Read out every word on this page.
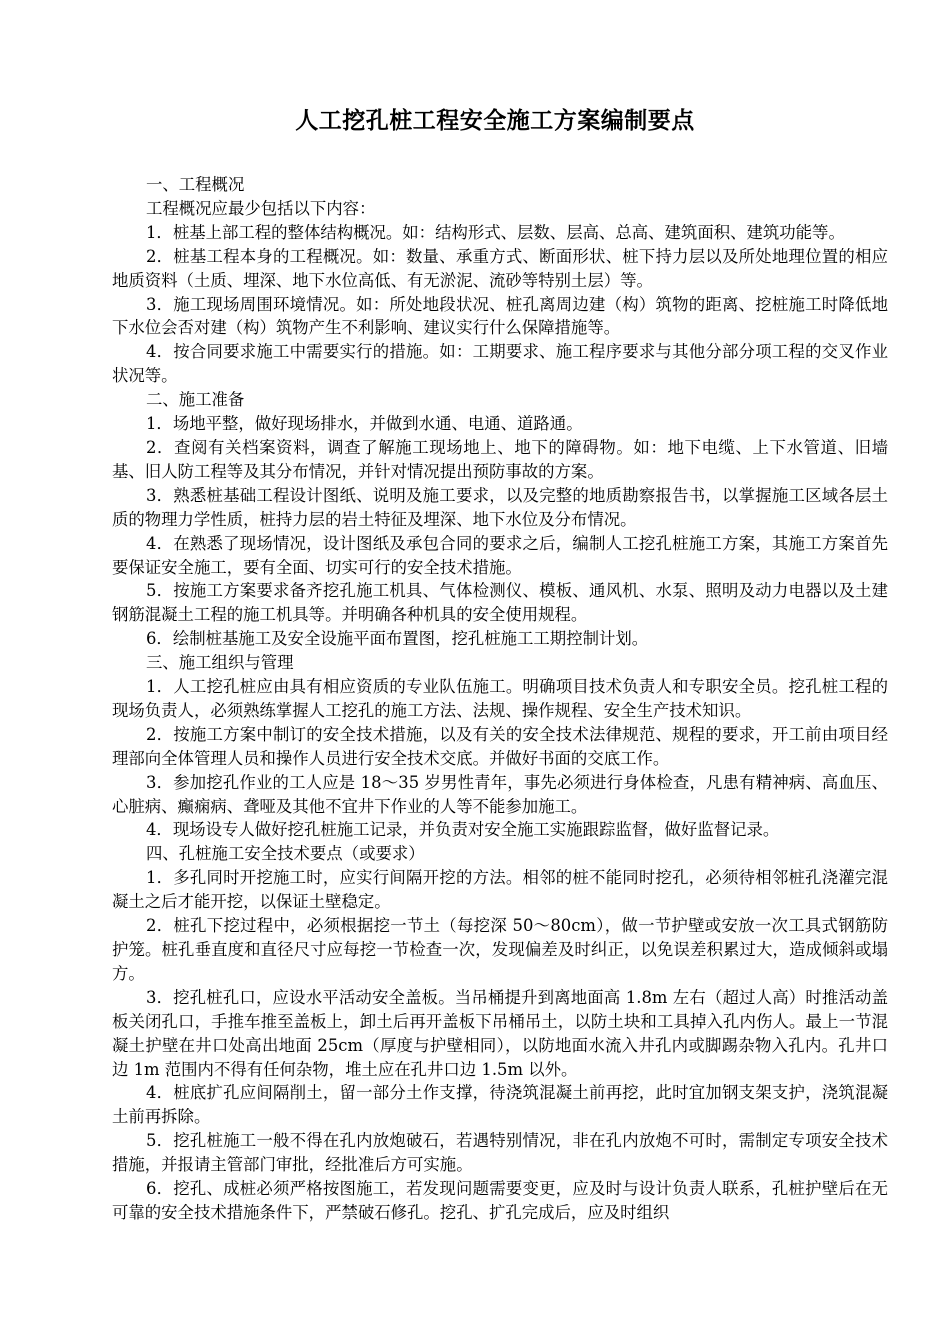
人工挖孔桩工程安全施工方案编制要点

一、工程概况

工程概况应最少包括以下内容：

1．桩基上部工程的整体结构概况。如：结构形式、层数、层高、总高、建筑面积、建筑功能等。

2．桩基工程本身的工程概况。如：数量、承重方式、断面形状、桩下持力层以及所处地理位置的相应地质资料（土质、埋深、地下水位高低、有无淤泥、流砂等特别土层）等。

3．施工现场周围环境情况。如：所处地段状况、桩孔离周边建（构）筑物的距离、挖桩施工时降低地下水位会否对建（构）筑物产生不利影响、建议实行什么保障措施等。

4．按合同要求施工中需要实行的措施。如：工期要求、施工程序要求与其他分部分项工程的交叉作业状况等。

二、施工准备

1．场地平整，做好现场排水，并做到水通、电通、道路通。

2．查阅有关档案资料，调查了解施工现场地上、地下的障碍物。如：地下电缆、上下水管道、旧墙基、旧人防工程等及其分布情况，并针对情况提出预防事故的方案。

3．熟悉桩基础工程设计图纸、说明及施工要求，以及完整的地质勘察报告书，以掌握施工区域各层土质的物理力学性质，桩持力层的岩土特征及埋深、地下水位及分布情况。

4．在熟悉了现场情况，设计图纸及承包合同的要求之后，编制人工挖孔桩施工方案，其施工方案首先要保证安全施工，要有全面、切实可行的安全技术措施。

5．按施工方案要求备齐挖孔施工机具、气体检测仪、模板、通风机、水泵、照明及动力电器以及土建钢筋混凝土工程的施工机具等。并明确各种机具的安全使用规程。

6．绘制桩基施工及安全设施平面布置图，挖孔桩施工工期控制计划。

三、施工组织与管理

1．人工挖孔桩应由具有相应资质的专业队伍施工。明确项目技术负责人和专职安全员。挖孔桩工程的现场负责人，必须熟练掌握人工挖孔的施工方法、法规、操作规程、安全生产技术知识。

2．按施工方案中制订的安全技术措施，以及有关的安全技术法律规范、规程的要求，开工前由项目经理部向全体管理人员和操作人员进行安全技术交底。并做好书面的交底工作。

3．参加挖孔作业的工人应是 18～35 岁男性青年，事先必须进行身体检查，凡患有精神病、高血压、心脏病、癫痫病、聋哑及其他不宜井下作业的人等不能参加施工。

4．现场设专人做好挖孔桩施工记录，并负责对安全施工实施跟踪监督，做好监督记录。

四、孔桩施工安全技术要点（或要求）

1．多孔同时开挖施工时，应实行间隔开挖的方法。相邻的桩不能同时挖孔，必须待相邻桩孔浇灌完混凝土之后才能开挖，以保证土壁稳定。

2．桩孔下挖过程中，必须根据挖一节土（每挖深 50～80cm），做一节护壁或安放一次工具式钢筋防护笼。桩孔垂直度和直径尺寸应每挖一节检查一次，发现偏差及时纠正，以免误差积累过大，造成倾斜或塌方。

3．挖孔桩孔口，应设水平活动安全盖板。当吊桶提升到离地面高 1.8m 左右（超过人高）时推活动盖板关闭孔口，手推车推至盖板上，卸土后再开盖板下吊桶吊土，以防土块和工具掉入孔内伤人。最上一节混凝土护壁在井口处高出地面 25cm（厚度与护壁相同），以防地面水流入井孔内或脚踢杂物入孔内。孔井口边 1m 范围内不得有任何杂物，堆土应在孔井口边 1.5m 以外。

4．桩底扩孔应间隔削土，留一部分土作支撑，待浇筑混凝土前再挖，此时宜加钢支架支护，浇筑混凝土前再拆除。

5．挖孔桩施工一般不得在孔内放炮破石，若遇特别情况，非在孔内放炮不可时，需制定专项安全技术措施，并报请主管部门审批，经批准后方可实施。

6．挖孔、成桩必须严格按图施工，若发现问题需要变更，应及时与设计负责人联系，孔桩护壁后在无可靠的安全技术措施条件下，严禁破石修孔。挖孔、扩孔完成后，应及时组织
